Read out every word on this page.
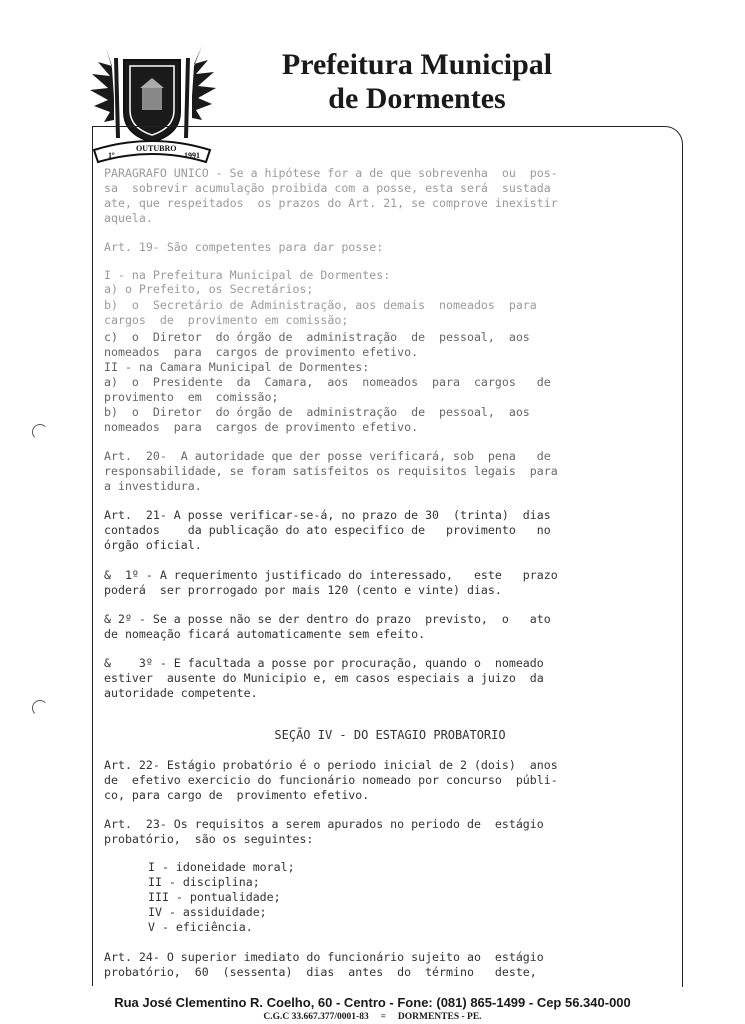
1º
OUTUBRO
1991
Prefeitura Municipal
de Dormentes
PARAGRAFO UNICO - Se a hipótese for a de que sobrevenha  ou  pos-
sa  sobrevir acumulação proibida com a posse, esta será  sustada
ate, que respeitados  os prazos do Art. 21, se comprove inexistir
aquela.
Art. 19- São competentes para dar posse:
I - na Prefeitura Municipal de Dormentes:
a) o Prefeito, os Secretários;
b)  o  Secretário de Administração, aos demais  nomeados  para
cargos  de  provimento em comissão;
c)  o  Diretor  do órgão de  administração  de  pessoal,  aos
nomeados  para  cargos de provimento efetivo.
II - na Camara Municipal de Dormentes:
a)  o  Presidente  da  Camara,  aos  nomeados  para  cargos   de
provimento  em  comissão;
b)  o  Diretor  do órgão de  administração  de  pessoal,  aos
nomeados  para  cargos de provimento efetivo.
Art.  20-  A autoridade que der posse verificará, sob  pena   de
responsabilidade, se foram satisfeitos os requisitos legais  para
a investidura.
Art.  21- A posse verificar-se-á, no prazo de 30  (trinta)  dias
contados    da publicação do ato especifico de   provimento   no
órgão oficial.
&  1º - A requerimento justificado do interessado,   este   prazo
poderá  ser prorrogado por mais 120 (cento e vinte) dias.
& 2º - Se a posse não se der dentro do prazo  previsto,  o   ato
de nomeação ficará automaticamente sem efeito.
&    3º - E facultada a posse por procuração, quando o  nomeado
estiver  ausente do Municipio e, em casos especiais a juizo  da
autoridade competente.
SEÇÃO IV - DO ESTAGIO PROBATORIO
Art. 22- Estágio probatório é o periodo inicial de 2 (dois)  anos
de  efetivo exercicio do funcionário nomeado por concurso  públi-
co, para cargo de  provimento efetivo.
Art.  23- Os requisitos a serem apurados no periodo de  estágio
probatório,  são os seguintes:
I - idoneidade moral;
II - disciplina;
III - pontualidade;
IV - assiduidade;
V - eficiência.
Art. 24- O superior imediato do funcionário sujeito ao  estágio
probatório,  60  (sessenta)  dias  antes  do  término   deste,
Rua José Clementino R. Coelho, 60 - Centro - Fone: (081) 865-1499 - Cep 56.340-000
C.G.C 33.667.377/0001-83     =     DORMENTES - PE.
